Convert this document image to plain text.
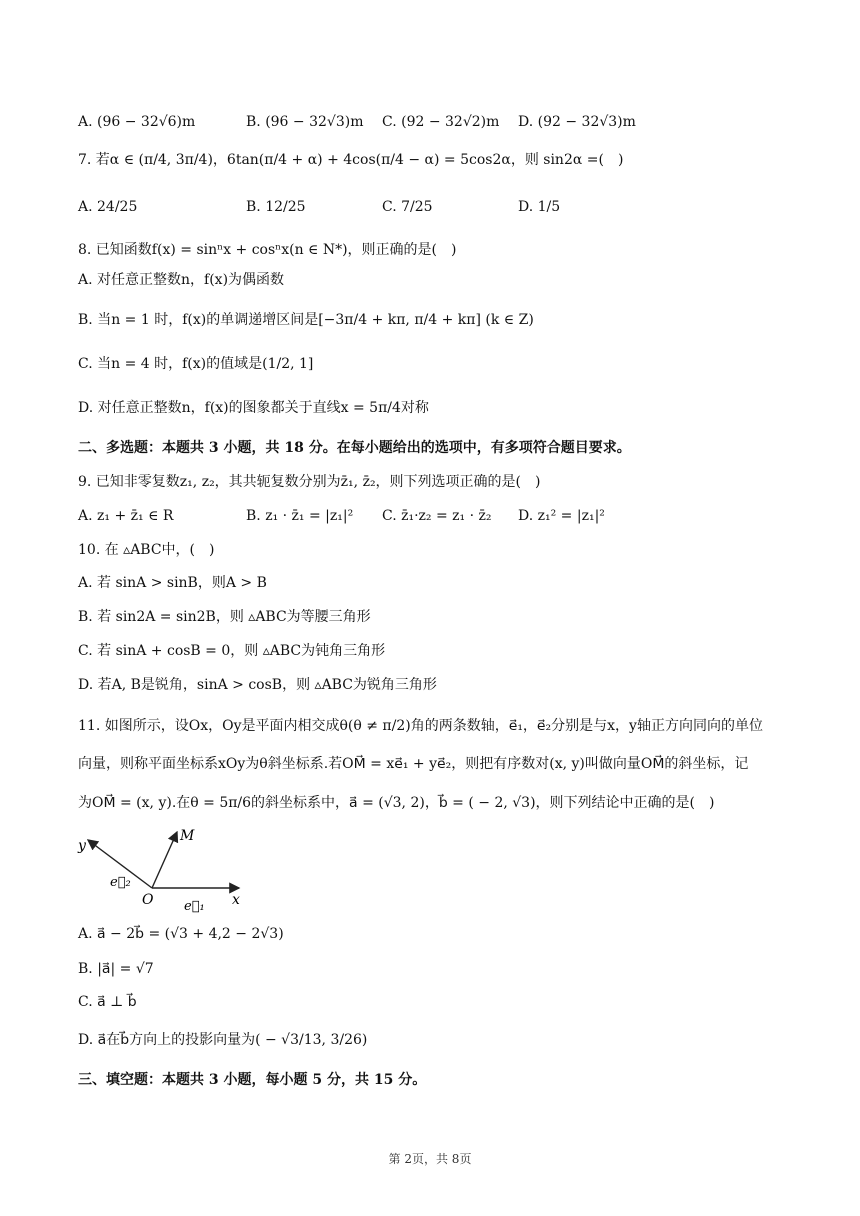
A. (96 − 32√6)m	B. (96 − 32√3)m C. (92 − 32√2)m D. (92 − 32√3)m
7. 若α ∈ (π/4, 3π/4)，6tan(π/4 + α) + 4cos(π/4 − α) = 5cos2α，则 sin2α =(　)
A. 24/25	B. 12/25	C. 7/25	D. 1/5
8. 已知函数f(x) = sinⁿx + cosⁿx(n ∈ N*)，则正确的是(　)
A. 对任意正整数n，f(x)为偶函数
B. 当n = 1 时，f(x)的单调递增区间是[−3π/4 + kπ, π/4 + kπ] (k ∈ Z)
C. 当n = 4 时，f(x)的值域是(1/2, 1]
D. 对任意正整数n，f(x)的图象都关于直线x = 5π/4对称
二、多选题：本题共 3 小题，共 18 分。在每小题给出的选项中，有多项符合题目要求。
9. 已知非零复数z₁, z₂，其共轭复数分别为z̄₁, z̄₂，则下列选项正确的是(　)
A. z₁ + z̄₁ ∈ R	B. z₁ · z̄₁ = |z₁|² C. z̄₁·z₂ = z₁ · z̄₂ D. z₁² = |z₁|²
10. 在 ▵ABC中，(　)
A. 若 sinA > sinB，则A > B
B. 若 sin2A = sin2B，则 ▵ABC为等腰三角形
C. 若 sinA + cosB = 0，则 ▵ABC为钝角三角形
D. 若A, B是锐角，sinA > cosB，则 ▵ABC为锐角三角形
11. 如图所示，设Ox，Oy是平面内相交成θ(θ ≠ π/2)角的两条数轴，e⃗₁，e⃗₂分别是与x，y轴正方向同向的单位
向量，则称平面坐标系xOy为θ斜坐标系.若OM⃗ = xe⃗₁ + ye⃗₂，则把有序数对(x, y)叫做向量OM⃗的斜坐标，记
为OM⃗ = (x, y).在θ = 5π/6的斜坐标系中，a⃗ = (√3, 2)，b⃗ = ( − 2, √3)，则下列结论中正确的是(　)
y
M
O	x
e⃗₁
e⃗₂
A. a⃗ − 2b⃗ = (√3 + 4,2 − 2√3)
B. |a⃗| = √7
C. a⃗ ⊥ b⃗
D. a⃗在b⃗方向上的投影向量为( − √3/13, 3/26)
三、填空题：本题共 3 小题，每小题 5 分，共 15 分。
第 2页，共 8页
